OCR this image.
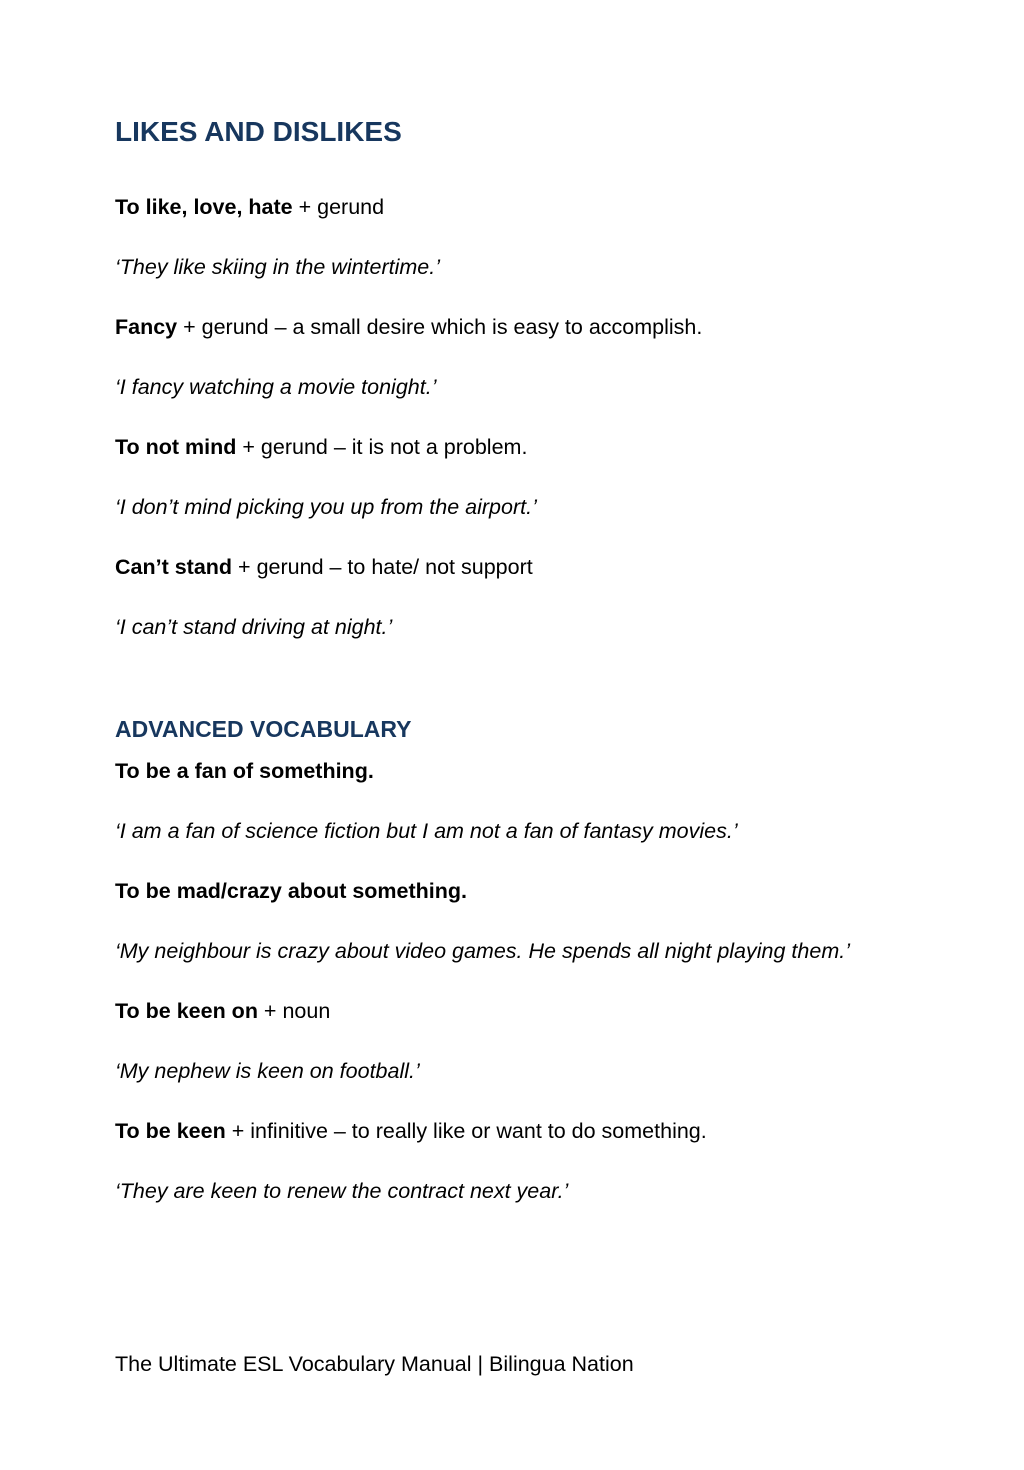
LIKES AND DISLIKES

To like, love, hate + gerund

‘They like skiing in the wintertime.’

Fancy + gerund – a small desire which is easy to accomplish.

‘I fancy watching a movie tonight.’

To not mind + gerund – it is not a problem.

‘I don’t mind picking you up from the airport.’

Can’t stand + gerund – to hate/ not support

‘I can’t stand driving at night.’

ADVANCED VOCABULARY

To be a fan of something.

‘I am a fan of science fiction but I am not a fan of fantasy movies.’

To be mad/crazy about something.

‘My neighbour is crazy about video games. He spends all night playing them.’

To be keen on + noun

‘My nephew is keen on football.’

To be keen + infinitive – to really like or want to do something.

‘They are keen to renew the contract next year.’

The Ultimate ESL Vocabulary Manual | Bilingua Nation
